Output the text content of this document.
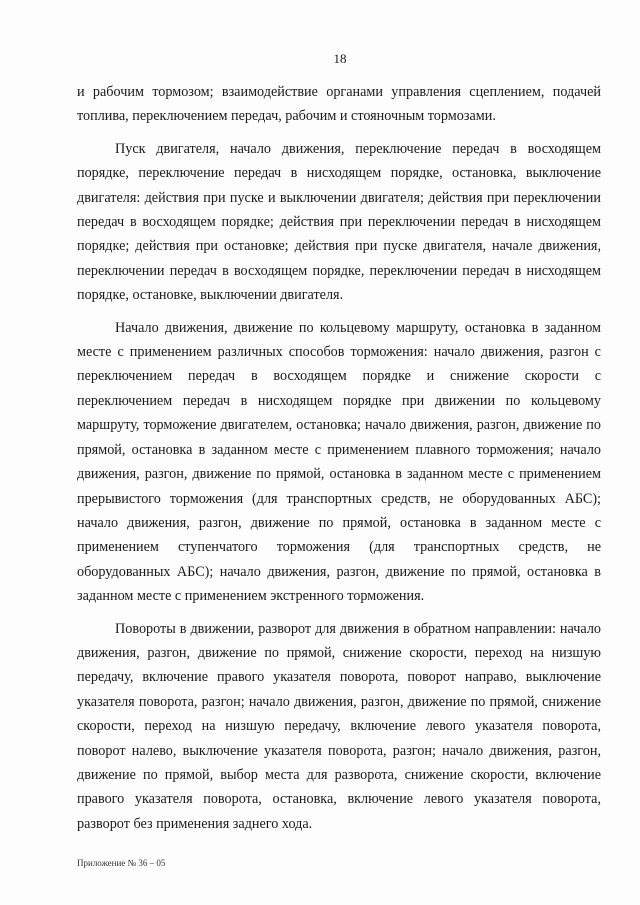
18

и рабочим тормозом; взаимодействие органами управления сцеплением, подачей топлива, переключением передач, рабочим и стояночным тормозами.

Пуск двигателя, начало движения, переключение передач в восходящем порядке, переключение передач в нисходящем порядке, остановка, выключение двигателя: действия при пуске и выключении двигателя; действия при переключении передач в восходящем порядке; действия при переключении передач в нисходящем порядке; действия при остановке; действия при пуске двигателя, начале движения, переключении передач в восходящем порядке, переключении передач в нисходящем порядке, остановке, выключении двигателя.

Начало движения, движение по кольцевому маршруту, остановка в заданном месте с применением различных способов торможения: начало движения, разгон с переключением передач в восходящем порядке и снижение скорости с переключением передач в нисходящем порядке при движении по кольцевому маршруту, торможение двигателем, остановка; начало движения, разгон, движение по прямой, остановка в заданном месте с применением плавного торможения; начало движения, разгон, движение по прямой, остановка в заданном месте с применением прерывистого торможения (для транспортных средств, не оборудованных АБС); начало движения, разгон, движение по прямой, остановка в заданном месте с применением ступенчатого торможения (для транспортных средств, не оборудованных АБС); начало движения, разгон, движение по прямой, остановка в заданном месте с применением экстренного торможения.

Повороты в движении, разворот для движения в обратном направлении: начало движения, разгон, движение по прямой, снижение скорости, переход на низшую передачу, включение правого указателя поворота, поворот направо, выключение указателя поворота, разгон; начало движения, разгон, движение по прямой, снижение скорости, переход на низшую передачу, включение левого указателя поворота, поворот налево, выключение указателя поворота, разгон; начало движения, разгон, движение по прямой, выбор места для разворота, снижение скорости, включение правого указателя поворота, остановка, включение левого указателя поворота, разворот без применения заднего хода.

Приложение № 36 – 05
